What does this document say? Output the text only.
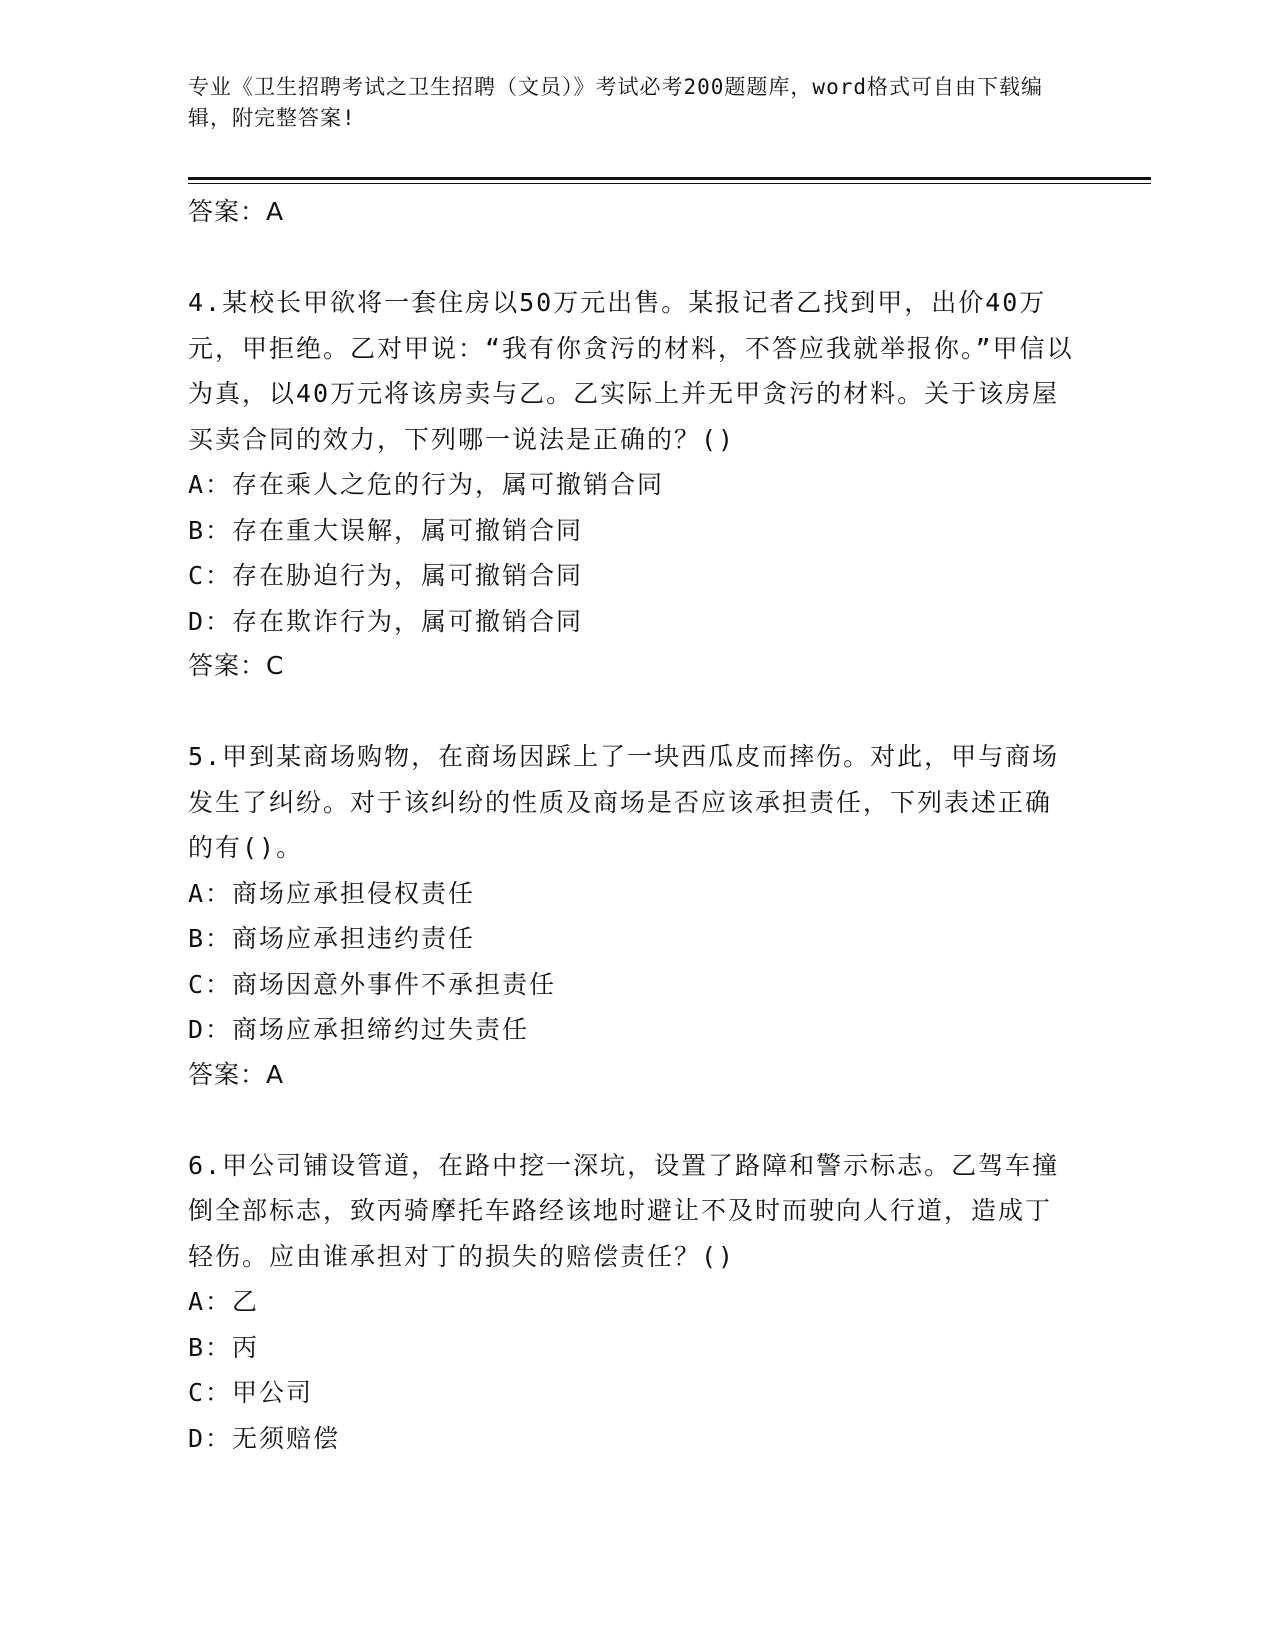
专业《卫生招聘考试之卫生招聘（文员）》考试必考200题题库，word格式可自由下载编辑，附完整答案!
答案：A

4.某校长甲欲将一套住房以50万元出售。某报记者乙找到甲，出价40万元，甲拒绝。乙对甲说：“我有你贪污的材料，不答应我就举报你。”甲信以为真，以40万元将该房卖与乙。乙实际上并无甲贪污的材料。关于该房屋买卖合同的效力，下列哪一说法是正确的？()

A：存在乘人之危的行为，属可撤销合同
B：存在重大误解，属可撤销合同
C：存在胁迫行为，属可撤销合同
D：存在欺诈行为，属可撤销合同
答案：C

5.甲到某商场购物，在商场因踩上了一块西瓜皮而摔伤。对此，甲与商场发生了纠纷。对于该纠纷的性质及商场是否应该承担责任，下列表述正确的有()。

A：商场应承担侵权责任
B：商场应承担违约责任
C：商场因意外事件不承担责任
D：商场应承担缔约过失责任
答案：A

6.甲公司铺设管道，在路中挖一深坑，设置了路障和警示标志。乙驾车撞倒全部标志，致丙骑摩托车路经该地时避让不及时而驶向人行道，造成丁轻伤。应由谁承担对丁的损失的赔偿责任？()

A：乙
B：丙
C：甲公司
D：无须赔偿
